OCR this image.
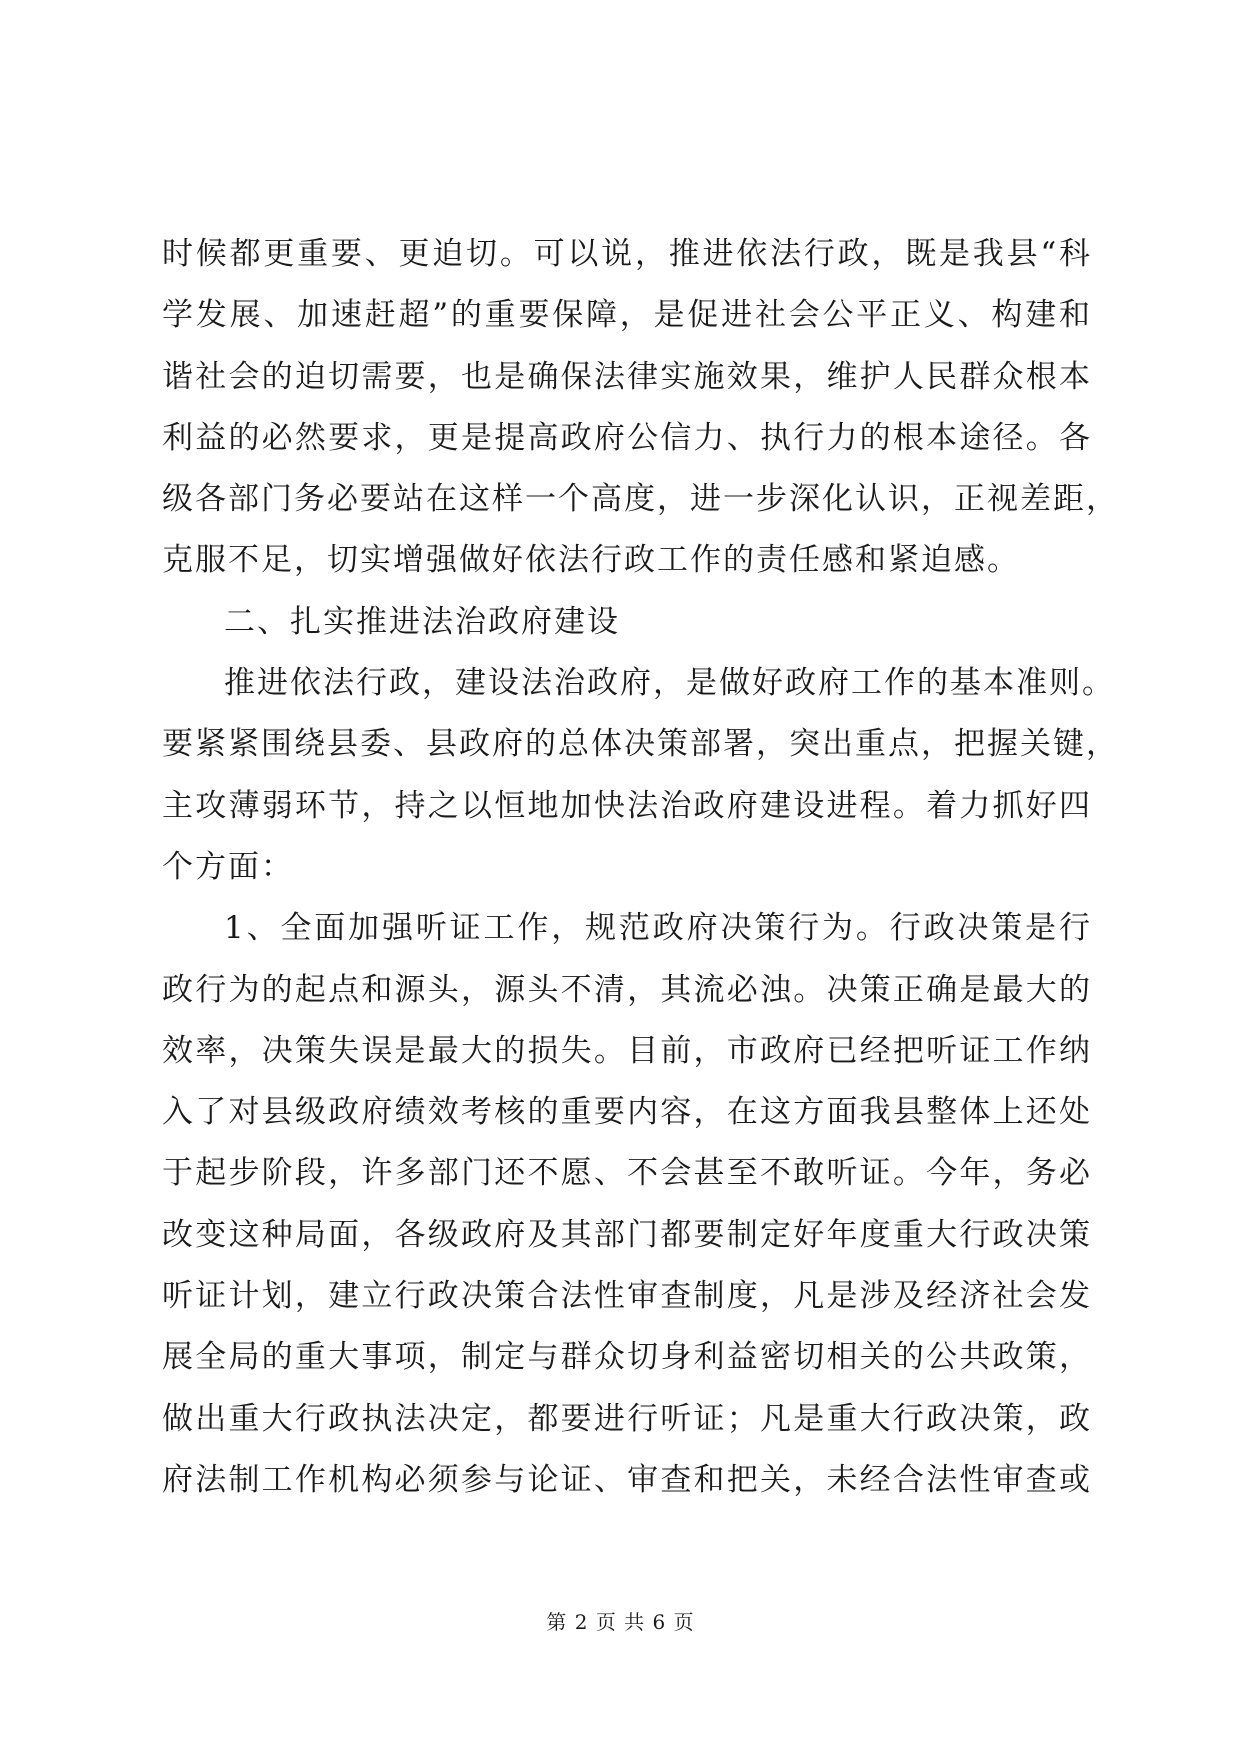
时候都更重要、更迫切。可以说，推进依法行政，既是我县“科
学发展、加速赶超”的重要保障，是促进社会公平正义、构建和
谐社会的迫切需要，也是确保法律实施效果，维护人民群众根本
利益的必然要求，更是提高政府公信力、执行力的根本途径。各
级各部门务必要站在这样一个高度，进一步深化认识，正视差距，
克服不足，切实增强做好依法行政工作的责任感和紧迫感。
二、扎实推进法治政府建设
推进依法行政，建设法治政府，是做好政府工作的基本准则。
要紧紧围绕县委、县政府的总体决策部署，突出重点，把握关键，
主攻薄弱环节，持之以恒地加快法治政府建设进程。着力抓好四
个方面：
1、全面加强听证工作，规范政府决策行为。行政决策是行
政行为的起点和源头，源头不清，其流必浊。决策正确是最大的
效率，决策失误是最大的损失。目前，市政府已经把听证工作纳
入了对县级政府绩效考核的重要内容，在这方面我县整体上还处
于起步阶段，许多部门还不愿、不会甚至不敢听证。今年，务必
改变这种局面，各级政府及其部门都要制定好年度重大行政决策
听证计划，建立行政决策合法性审查制度，凡是涉及经济社会发
展全局的重大事项，制定与群众切身利益密切相关的公共政策，
做出重大行政执法决定，都要进行听证；凡是重大行政决策，政
府法制工作机构必须参与论证、审查和把关，未经合法性审查或
第 2 页 共 6 页
